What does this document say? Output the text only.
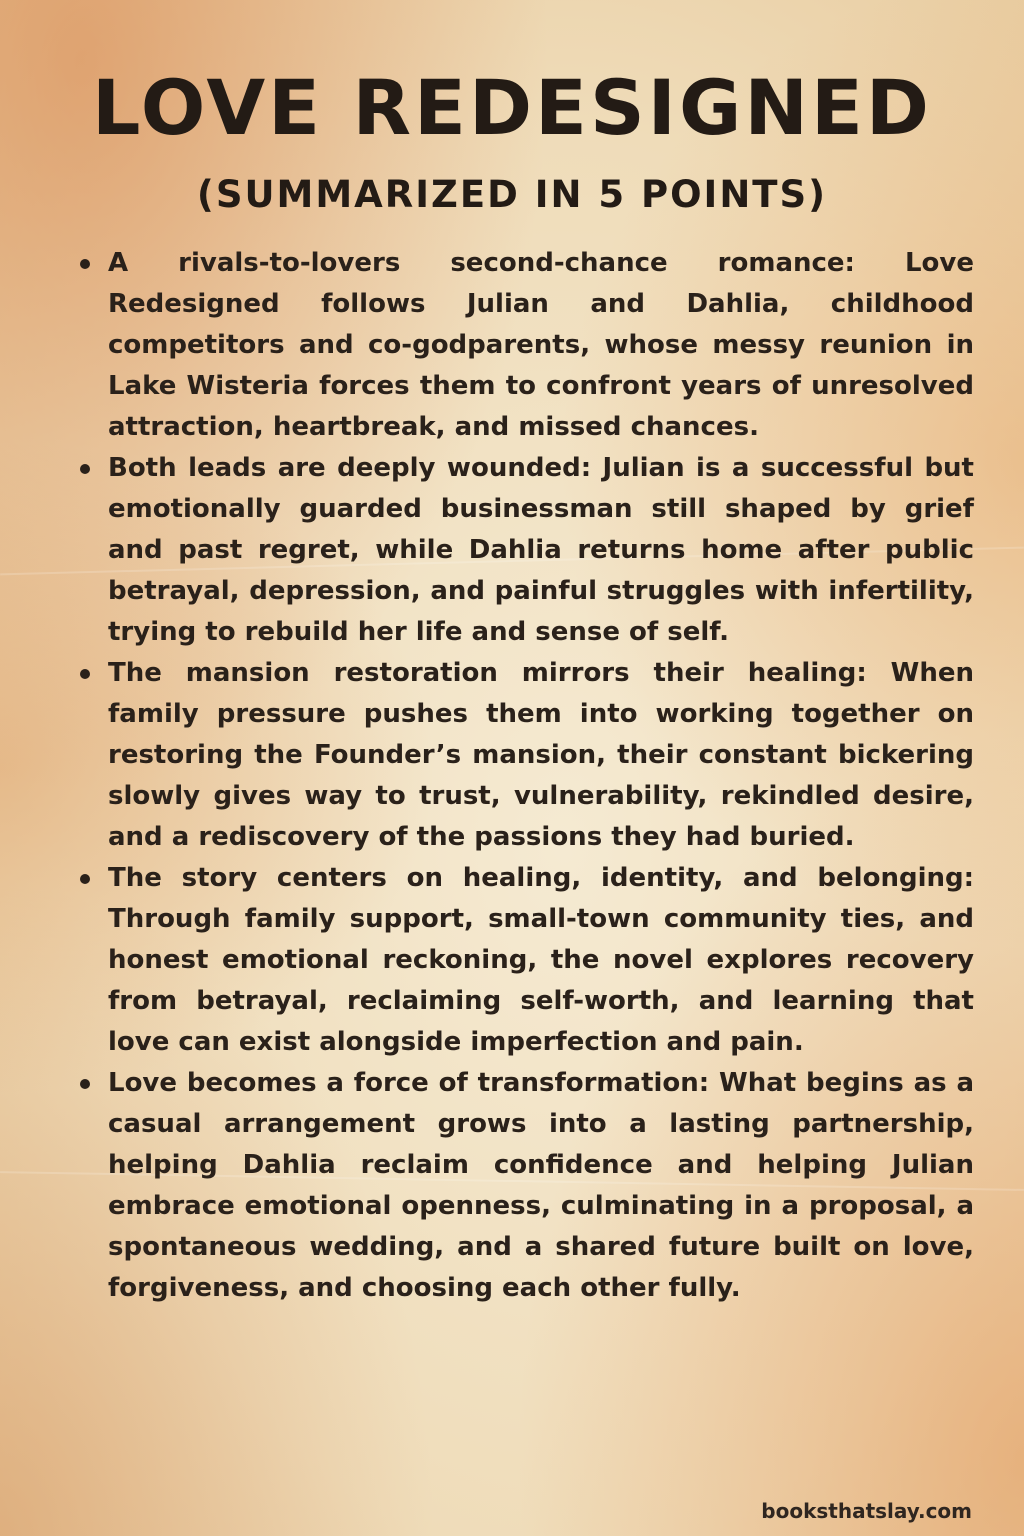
LOVE REDESIGNED
(SUMMARIZED IN 5 POINTS)
A rivals-to-lovers second-chance romance: Love Redesigned follows Julian and Dahlia, childhood competitors and co-godparents, whose messy reunion in Lake Wisteria forces them to confront years of unresolved attraction, heartbreak, and missed chances.
Both leads are deeply wounded: Julian is a successful but emotionally guarded businessman still shaped by grief and past regret, while Dahlia returns home after public betrayal, depression, and painful struggles with infertility, trying to rebuild her life and sense of self.
The mansion restoration mirrors their healing: When family pressure pushes them into working together on restoring the Founder’s mansion, their constant bickering slowly gives way to trust, vulnerability, rekindled desire, and a rediscovery of the passions they had buried.
The story centers on healing, identity, and belonging: Through family support, small-town community ties, and honest emotional reckoning, the novel explores recovery from betrayal, reclaiming self-worth, and learning that love can exist alongside imperfection and pain.
Love becomes a force of transformation: What begins as a casual arrangement grows into a lasting partnership, helping Dahlia reclaim confidence and helping Julian embrace emotional openness, culminating in a proposal, a spontaneous wedding, and a shared future built on love, forgiveness, and choosing each other fully.
booksthatslay.com
